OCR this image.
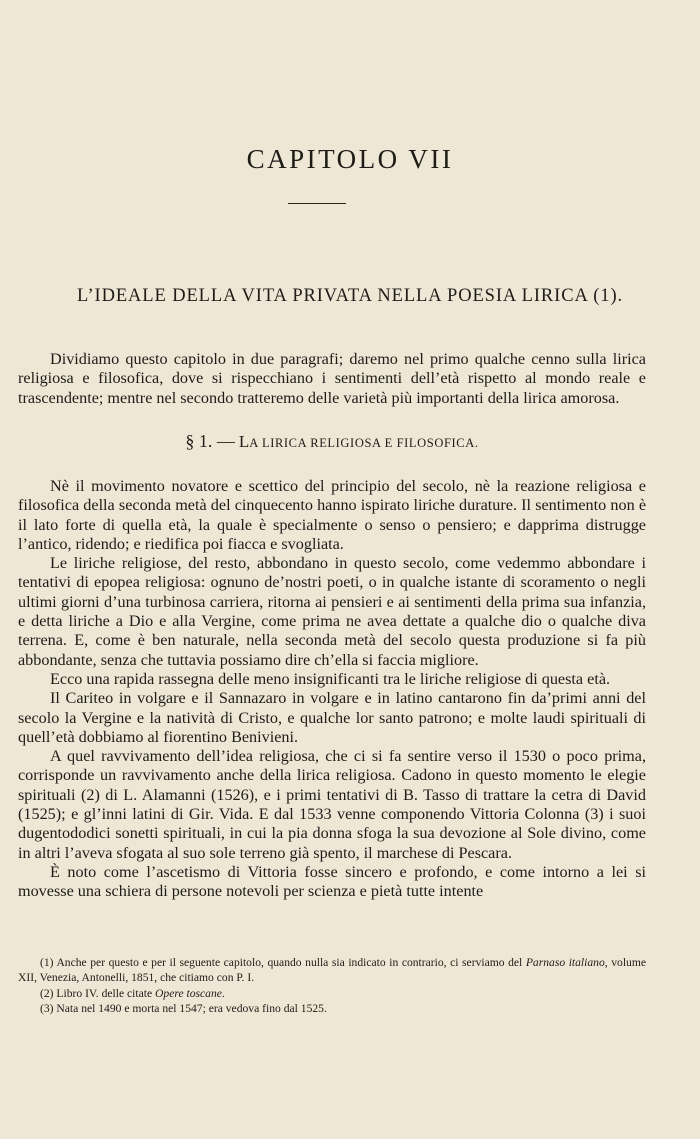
CAPITOLO VII
L’IDEALE DELLA VITA PRIVATA NELLA POESIA LIRICA (1).

Dividiamo questo capitolo in due paragrafi; daremo nel primo qualche cenno sulla lirica religiosa e filosofica, dove si rispecchiano i sentimenti dell’età rispetto al mondo reale e trascendente; mentre nel secondo tratteremo delle varietà più importanti della lirica amorosa.

§ 1. — LA LIRICA RELIGIOSA E FILOSOFICA.

Nè il movimento novatore e scettico del principio del secolo, nè la reazione religiosa e filosofica della seconda metà del cinquecento hanno ispirato liriche durature. Il sentimento non è il lato forte di quella età, la quale è specialmente o senso o pensiero; e dapprima distrugge l’antico, ridendo; e riedifica poi fiacca e svogliata.

Le liriche religiose, del resto, abbondano in questo secolo, come vedemmo abbondare i tentativi di epopea religiosa: ognuno de’nostri poeti, o in qualche istante di scoramento o negli ultimi giorni d’una turbinosa carriera, ritorna ai pensieri e ai sentimenti della prima sua infanzia, e detta liriche a Dio e alla Vergine, come prima ne avea dettate a qualche dio o qualche diva terrena. E, come è ben naturale, nella seconda metà del secolo questa produzione si fa più abbondante, senza che tuttavia possiamo dire ch’ella si faccia migliore.

Ecco una rapida rassegna delle meno insignificanti tra le liriche religiose di questa età.

Il Cariteo in volgare e il Sannazaro in volgare e in latino cantarono fin da’primi anni del secolo la Vergine e la natività di Cristo, e qualche lor santo patrono; e molte laudi spirituali di quell’età dobbiamo al fiorentino Benivieni.

A quel ravvivamento dell’idea religiosa, che ci si fa sentire verso il 1530 o poco prima, corrisponde un ravvivamento anche della lirica religiosa. Cadono in questo momento le elegie spirituali (2) di L. Alamanni (1526), e i primi tentativi di B. Tasso di trattare la cetra di David (1525); e gl’inni latini di Gir. Vida. E dal 1533 venne componendo Vittoria Colonna (3) i suoi dugentododici sonetti spirituali, in cui la pia donna sfoga la sua devozione al Sole divino, come in altri l’aveva sfogata al suo sole terreno già spento, il marchese di Pescara.

È noto come l’ascetismo di Vittoria fosse sincero e profondo, e come intorno a lei si movesse una schiera di persone notevoli per scienza e pietà tutte intente

(1) Anche per questo e per il seguente capitolo, quando nulla sia indicato in contrario, ci serviamo del Parnaso italiano, volume XII, Venezia, Antonelli, 1851, che citiamo con P. I.

(2) Libro IV. delle citate Opere toscane.

(3) Nata nel 1490 e morta nel 1547; era vedova fino dal 1525.
